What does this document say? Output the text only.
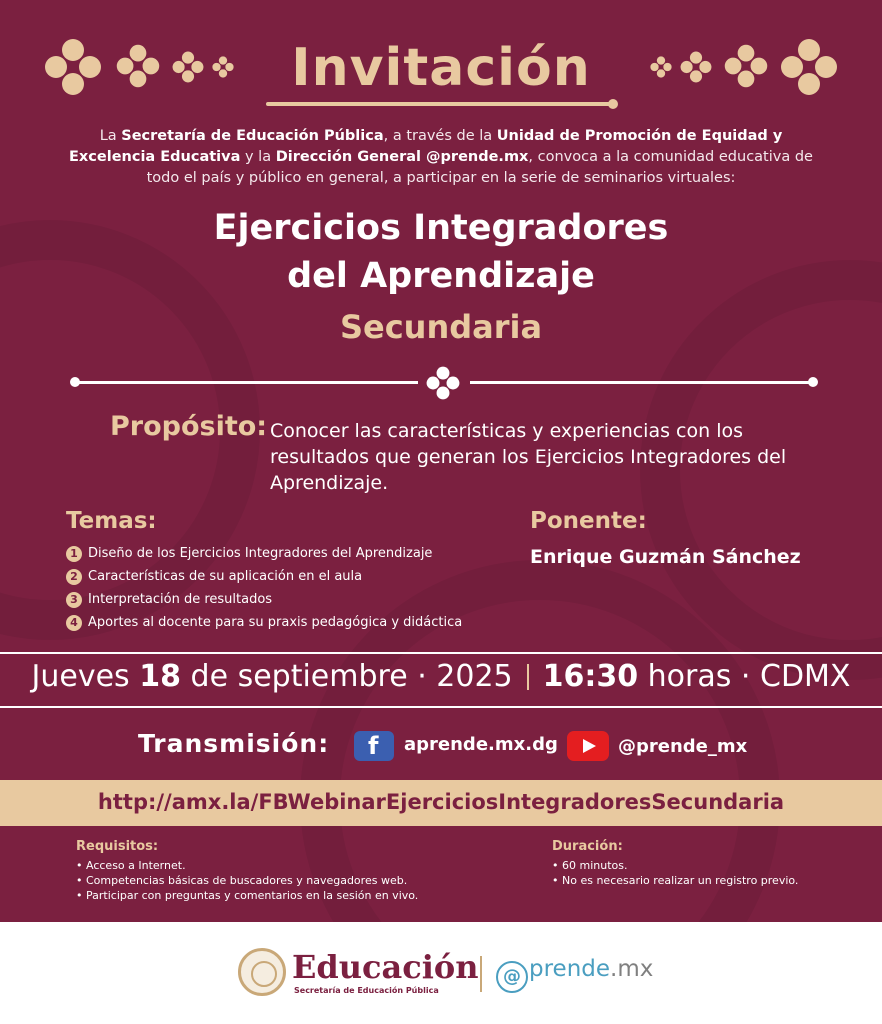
Invitación
La Secretaría de Educación Pública, a través de la Unidad de Promoción de Equidad y Excelencia Educativa y la Dirección General @prende.mx, convoca a la comunidad educativa de todo el país y público en general, a participar en la serie de seminarios virtuales:
Ejercicios Integradores
del Aprendizaje
Secundaria
Propósito: Conocer las características y experiencias con los resultados que generan los Ejercicios Integradores del Aprendizaje.
Temas:
1 Diseño de los Ejercicios Integradores del Aprendizaje
2 Características de su aplicación en el aula
3 Interpretación de resultados
4 Aportes al docente para su praxis pedagógica y didáctica
Ponente:
Enrique Guzmán Sánchez
Jueves 18 de septiembre · 2025 16:30 horas · CDMX
Transmisión:
f	aprende.mx.dg	@prende_mx
http://amx.la/FBWebinarEjerciciosIntegradoresSecundaria
Requisitos:
• Acceso a Internet.
• Competencias básicas de buscadores y navegadores web.
• Participar con preguntas y comentarios en la sesión en vivo.
Duración:
• 60 minutos.
• No es necesario realizar un registro previo.
Educación
Secretaría de Educación Pública
@ prende.mx
